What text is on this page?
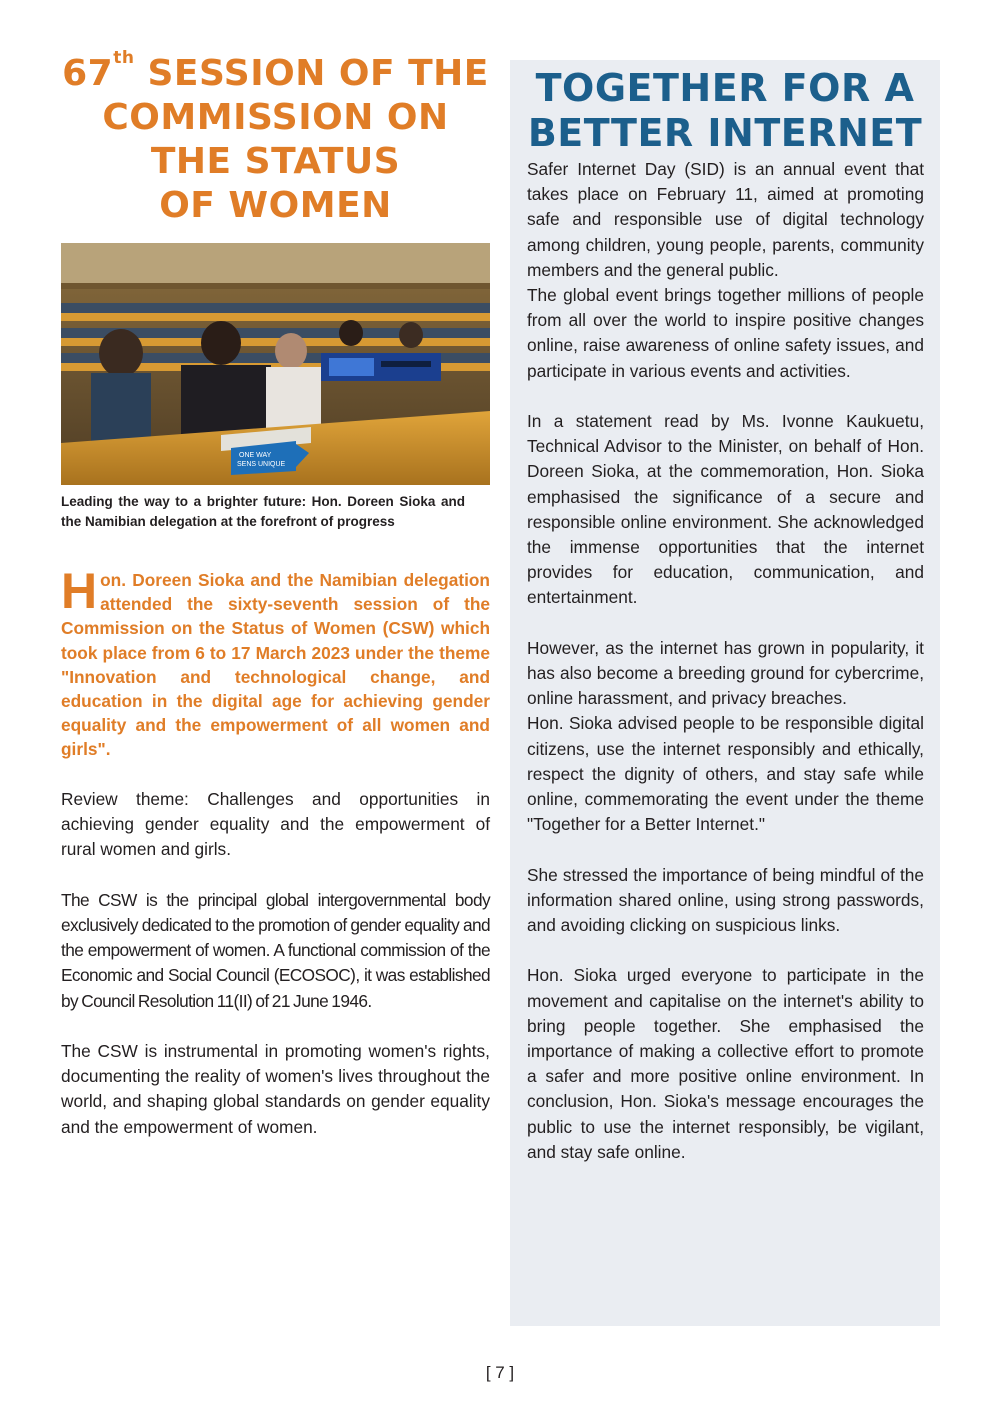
67th SESSION OF THE
COMMISSION ON
THE STATUS
OF WOMEN
ONE WAY
SENS UNIQUE
Leading the way to a brighter future: Hon. Doreen Sioka and the Namibian delegation at the forefront of progress

Hon. Doreen Sioka and the Namibian delegation attended the sixty-seventh session of the Commission on the Status of Women (CSW) which took place from 6 to 17 March 2023 under the theme "Innovation and technological change, and education in the digital age for achieving gender equality and the empowerment of all women and girls".

Review theme: Challenges and opportunities in achieving gender equality and the empowerment of rural women and girls.

The CSW is the principal global intergovernmental body exclusively dedicated to the promotion of gender equality and the empowerment of women. A functional commission of the Economic and Social Council (ECOSOC), it was established by Council Resolution 11(II) of 21 June 1946.

The CSW is instrumental in promoting women's rights, documenting the reality of women's lives throughout the world, and shaping global standards on gender equality and the empowerment of women.

TOGETHER FOR A
BETTER INTERNET

Safer Internet Day (SID) is an annual event that takes place on February 11, aimed at promoting safe and responsible use of digital technology among children, young people, parents, community members and the general public.

The global event brings together millions of people from all over the world to inspire positive changes online, raise awareness of online safety issues, and participate in various events and activities.

In a statement read by Ms. Ivonne Kaukuetu, Technical Advisor to the Minister, on behalf of Hon. Doreen Sioka, at the commemoration, Hon. Sioka emphasised the significance of a secure and responsible online environment. She acknowledged the immense opportunities that the internet provides for education, communication, and entertainment.

However, as the internet has grown in popularity, it has also become a breeding ground for cybercrime, online harassment, and privacy breaches.

Hon. Sioka advised people to be responsible digital citizens, use the internet responsibly and ethically, respect the dignity of others, and stay safe while online, commemorating the event under the theme "Together for a Better Internet."

She stressed the importance of being mindful of the information shared online, using strong passwords, and avoiding clicking on suspicious links.

Hon. Sioka urged everyone to participate in the movement and capitalise on the internet's ability to bring people together. She emphasised the importance of making a collective effort to promote a safer and more positive online environment. In conclusion, Hon. Sioka's message encourages the public to use the internet responsibly, be vigilant, and stay safe online.

[ 7 ]
